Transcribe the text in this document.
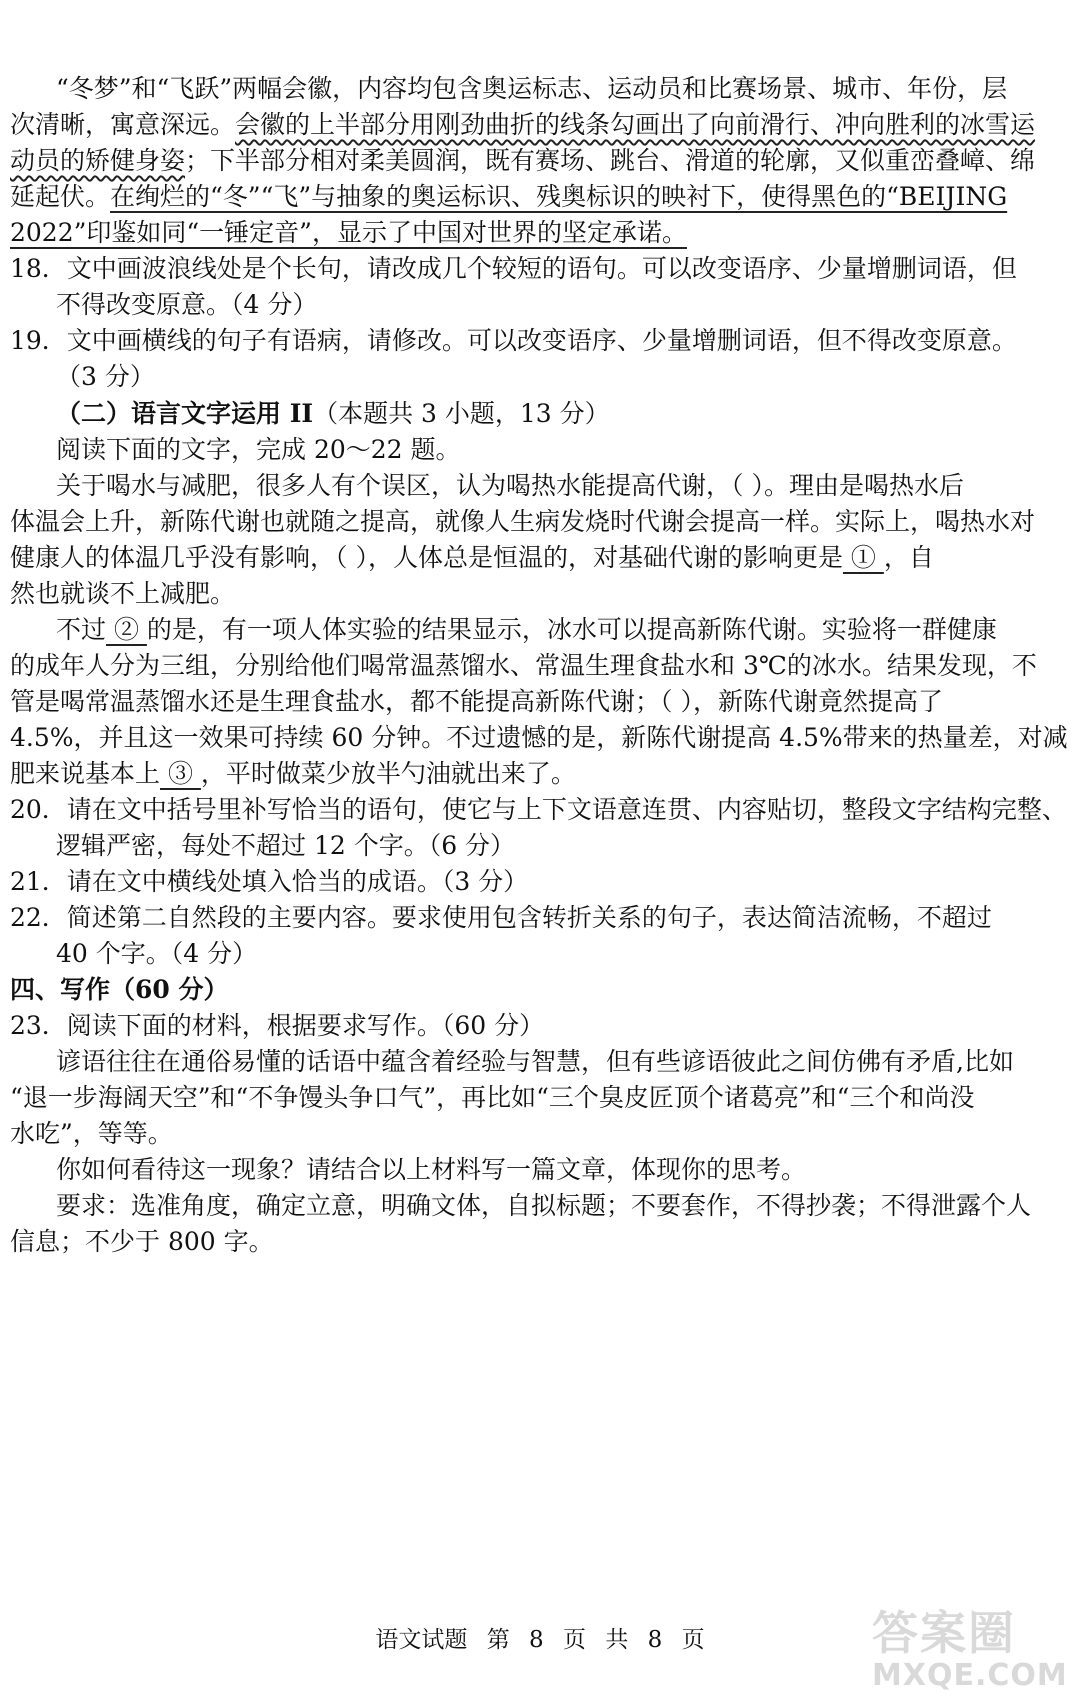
“冬梦”和“飞跃”两幅会徽，内容均包含奥运标志、运动员和比赛场景、城市、年份，层
次清晰，寓意深远。会徽的上半部分用刚劲曲折的线条勾画出了向前滑行、冲向胜利的冰雪运
动员的矫健身姿；下半部分相对柔美圆润，既有赛场、跳台、滑道的轮廓，又似重峦叠嶂、绵
延起伏。在绚烂的“冬”“飞”与抽象的奥运标识、残奥标识的映衬下，使得黑色的“BEIJING
2022”印鉴如同“一锤定音”，显示了中国对世界的坚定承诺。
18．文中画波浪线处是个长句，请改成几个较短的语句。可以改变语序、少量增删词语，但
不得改变原意。（4 分）
19．文中画横线的句子有语病，请修改。可以改变语序、少量增删词语，但不得改变原意。
（3 分）
（二）语言文字运用 II（本题共 3 小题，13 分）
阅读下面的文字，完成 20～22 题。
关于喝水与减肥，很多人有个误区，认为喝热水能提高代谢，（ ）。理由是喝热水后
体温会上升，新陈代谢也就随之提高，就像人生病发烧时代谢会提高一样。实际上，喝热水对
健康人的体温几乎没有影响，（ ），人体总是恒温的，对基础代谢的影响更是 ① ，自
然也就谈不上减肥。
不过 ② 的是，有一项人体实验的结果显示，冰水可以提高新陈代谢。实验将一群健康
的成年人分为三组，分别给他们喝常温蒸馏水、常温生理食盐水和 3℃的冰水。结果发现，不
管是喝常温蒸馏水还是生理食盐水，都不能提高新陈代谢；（ ），新陈代谢竟然提高了
4.5%，并且这一效果可持续 60 分钟。不过遗憾的是，新陈代谢提高 4.5%带来的热量差，对减
肥来说基本上 ③ ，平时做菜少放半勺油就出来了。
20．请在文中括号里补写恰当的语句，使它与上下文语意连贯、内容贴切，整段文字结构完整、
逻辑严密，每处不超过 12 个字。（6 分）
21．请在文中横线处填入恰当的成语。（3 分）
22．简述第二自然段的主要内容。要求使用包含转折关系的句子，表达简洁流畅，不超过
40 个字。（4 分）
四、写作（60 分）
23．阅读下面的材料，根据要求写作。（60 分）
谚语往往在通俗易懂的话语中蕴含着经验与智慧，但有些谚语彼此之间仿佛有矛盾,比如
“退一步海阔天空”和“不争馒头争口气”，再比如“三个臭皮匠顶个诸葛亮”和“三个和尚没
水吃”，等等。
你如何看待这一现象？请结合以上材料写一篇文章，体现你的思考。
要求：选准角度，确定立意，明确文体，自拟标题；不要套作，不得抄袭；不得泄露个人
信息；不少于 800 字。
语文试题 第 8 页 共 8 页	答案圈
MXQE.COM
